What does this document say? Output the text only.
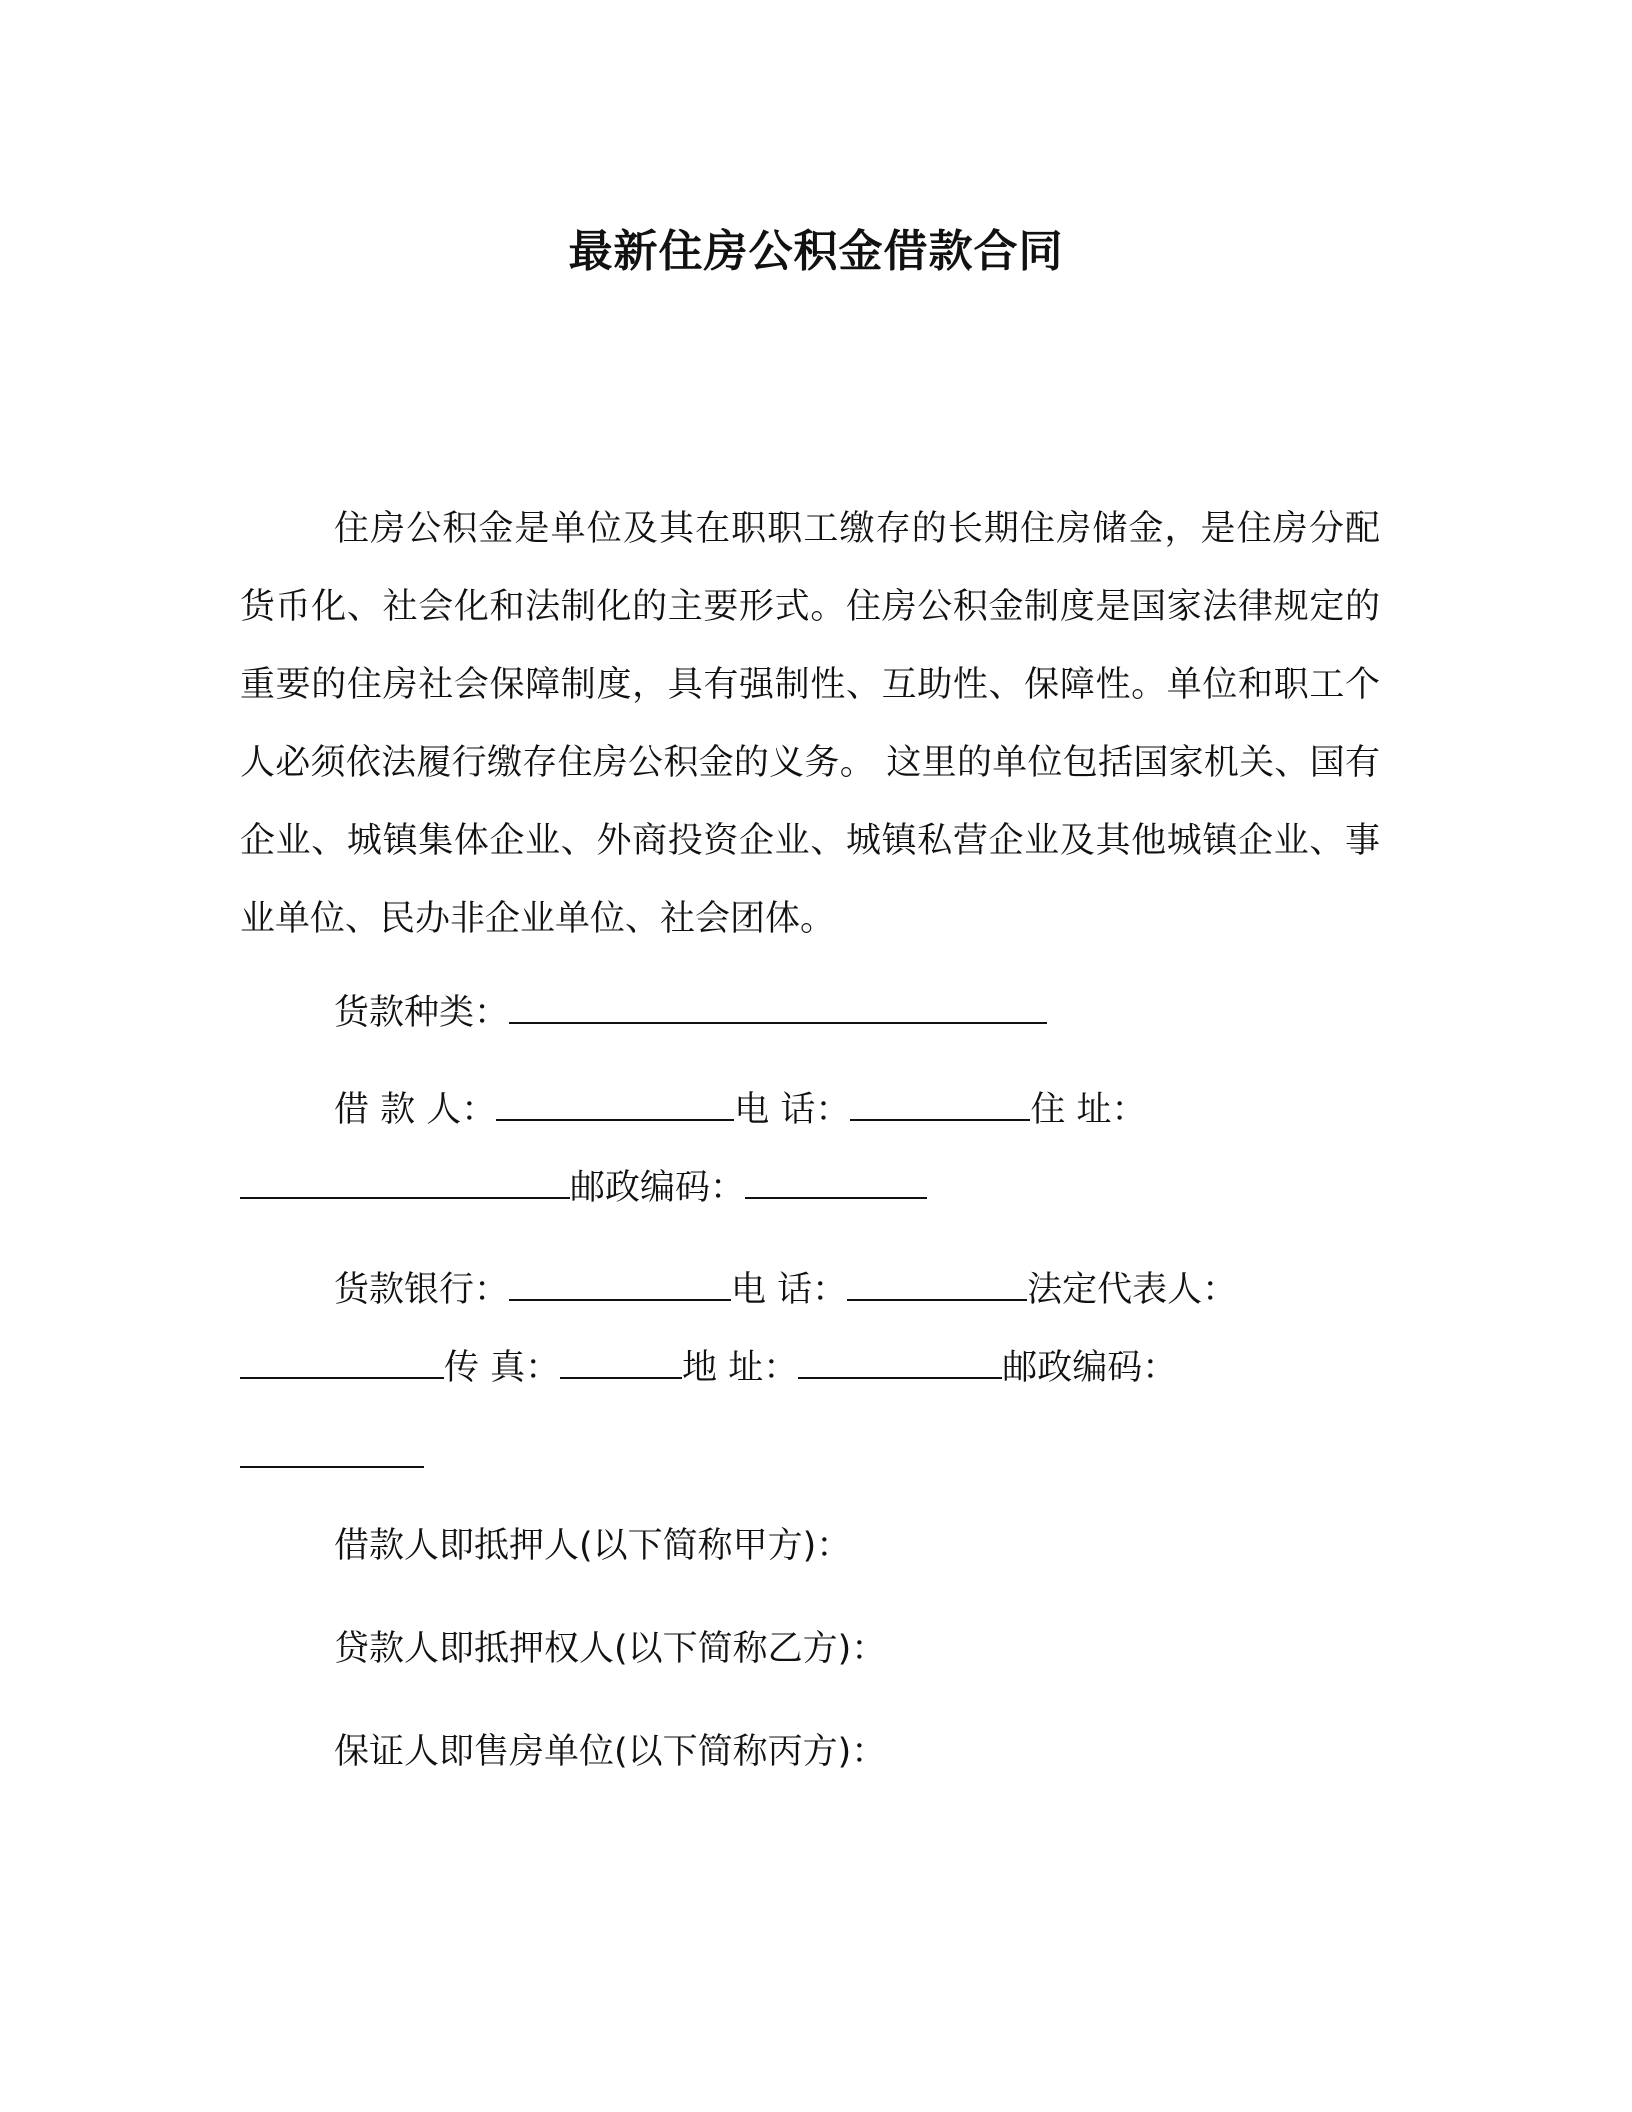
最新住房公积金借款合同

住房公积金是单位及其在职职工缴存的长期住房储金，是住房分配货币化、社会化和法制化的主要形式。住房公积金制度是国家法律规定的重要的住房社会保障制度，具有强制性、互助性、保障性。单位和职工个人必须依法履行缴存住房公积金的义务。 这里的单位包括国家机关、国有企业、城镇集体企业、外商投资企业、城镇私营企业及其他城镇企业、事业单位、民办非企业单位、社会团体。

货款种类：
借 款 人：	电 话：	住 址：
邮政编码：
货款银行：	电 话：	法定代表人：
传 真：	地 址：	邮政编码：
借款人即抵押人(以下简称甲方)：
贷款人即抵押权人(以下简称乙方)：
保证人即售房单位(以下简称丙方)：
